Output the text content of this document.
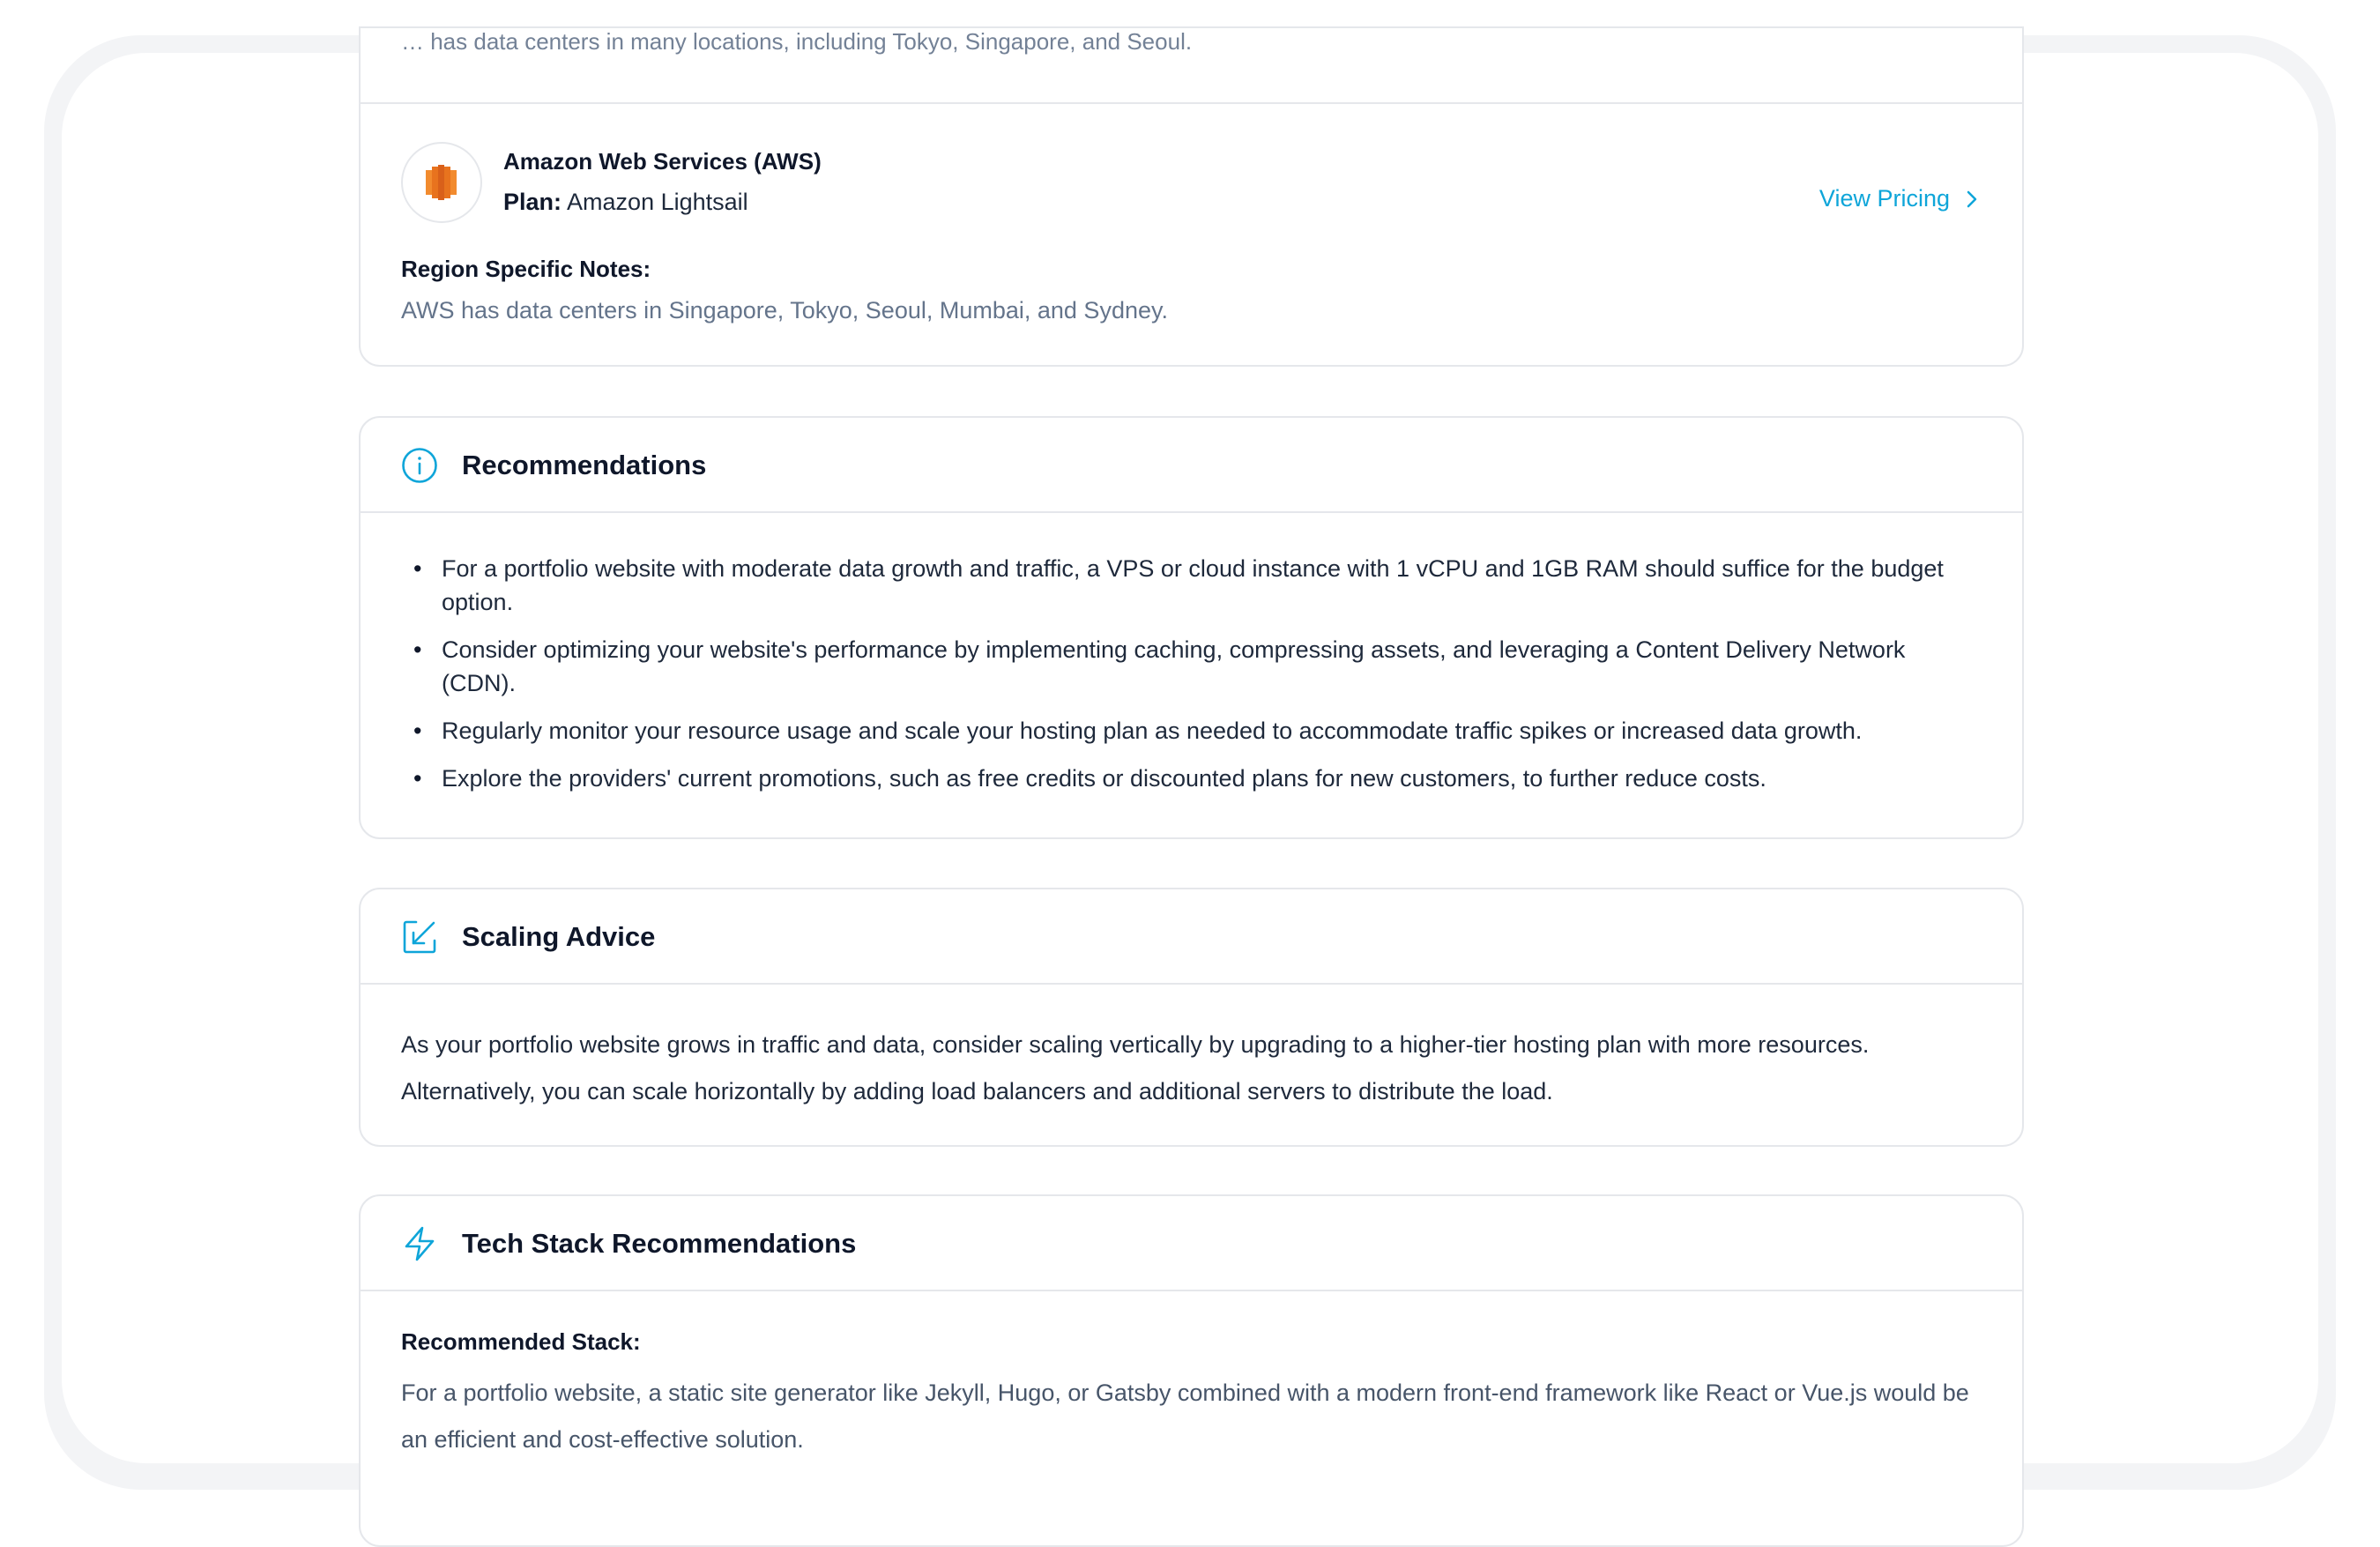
… has data centers in many locations, including Tokyo, Singapore, and Seoul.
Amazon Web Services (AWS)
Plan: Amazon Lightsail	View Pricing
Region Specific Notes:
AWS has data centers in Singapore, Tokyo, Seoul, Mumbai, and Sydney.
Recommendations
• For a portfolio website with moderate data growth and traffic, a VPS or cloud instance with 1 vCPU and 1GB RAM should suffice for the budget option.
• Consider optimizing your website's performance by implementing caching, compressing assets, and leveraging a Content Delivery Network (CDN).
• Regularly monitor your resource usage and scale your hosting plan as needed to accommodate traffic spikes or increased data growth.
• Explore the providers' current promotions, such as free credits or discounted plans for new customers, to further reduce costs.
Scaling Advice
As your portfolio website grows in traffic and data, consider scaling vertically by upgrading to a higher-tier hosting plan with more resources. Alternatively, you can scale horizontally by adding load balancers and additional servers to distribute the load.
Tech Stack Recommendations
Recommended Stack:
For a portfolio website, a static site generator like Jekyll, Hugo, or Gatsby combined with a modern front-end framework like React or Vue.js would be an efficient and cost-effective solution.
